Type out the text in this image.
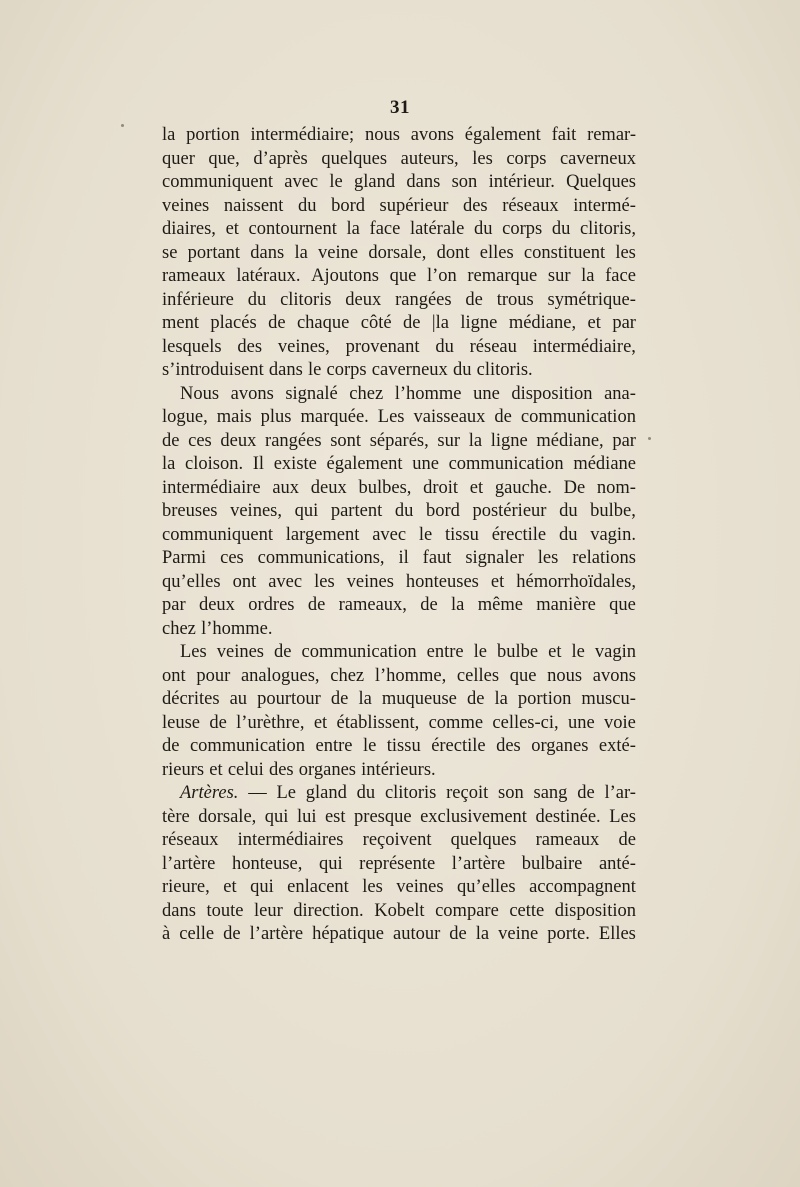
31
la portion intermédiaire; nous avons également fait remar-
quer que, d’après quelques auteurs, les corps caverneux
communiquent avec le gland dans son intérieur. Quelques
veines naissent du bord supérieur des réseaux intermé-
diaires, et contournent la face latérale du corps du clitoris,
se portant dans la veine dorsale, dont elles constituent les
rameaux latéraux. Ajoutons que l’on remarque sur la face
inférieure du clitoris deux rangées de trous symétrique-
ment placés de chaque côté de |la ligne médiane, et par
lesquels des veines, provenant du réseau intermédiaire,
s’introduisent dans le corps caverneux du clitoris.
Nous avons signalé chez l’homme une disposition ana-
logue, mais plus marquée. Les vaisseaux de communication
de ces deux rangées sont séparés, sur la ligne médiane, par
la cloison. Il existe également une communication médiane
intermédiaire aux deux bulbes, droit et gauche. De nom-
breuses veines, qui partent du bord postérieur du bulbe,
communiquent largement avec le tissu érectile du vagin.
Parmi ces communications, il faut signaler les relations
qu’elles ont avec les veines honteuses et hémorrhoïdales,
par deux ordres de rameaux, de la même manière que
chez l’homme.
Les veines de communication entre le bulbe et le vagin
ont pour analogues, chez l’homme, celles que nous avons
décrites au pourtour de la muqueuse de la portion muscu-
leuse de l’urèthre, et établissent, comme celles-ci, une voie
de communication entre le tissu érectile des organes exté-
rieurs et celui des organes intérieurs.
Artères. — Le gland du clitoris reçoit son sang de l’ar-
tère dorsale, qui lui est presque exclusivement destinée. Les
réseaux intermédiaires reçoivent quelques rameaux de
l’artère honteuse, qui représente l’artère bulbaire anté-
rieure, et qui enlacent les veines qu’elles accompagnent
dans toute leur direction. Kobelt compare cette disposition
à celle de l’artère hépatique autour de la veine porte. Elles
